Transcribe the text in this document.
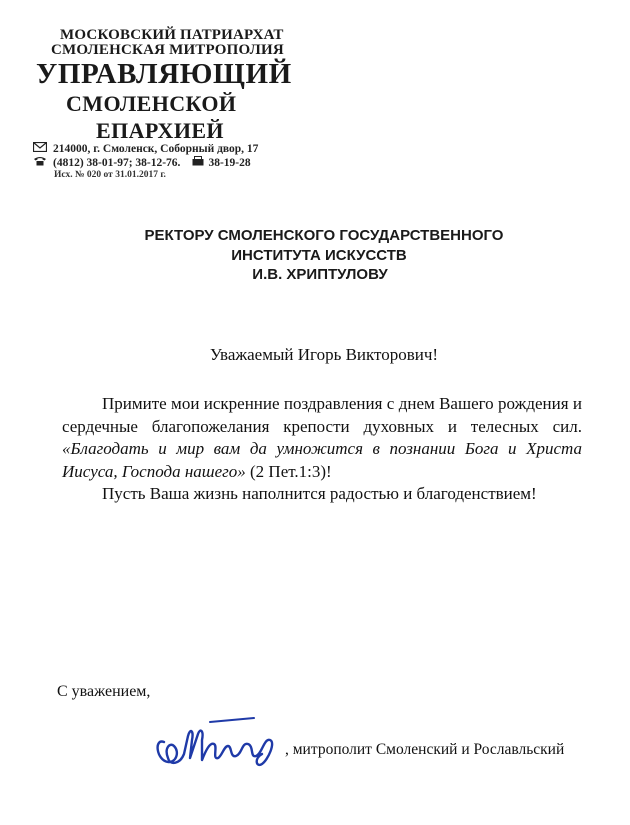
МОСКОВСКИЙ ПАТРИАРХАТ
СМОЛЕНСКАЯ МИТРОПОЛИЯ
УПРАВЛЯЮЩИЙ
СМОЛЕНСКОЙ
ЕПАРХИЕЙ
214000, г. Смоленск, Соборный двор, 17
(4812) 38-01-97; 38-12-76. 38-19-28
Исх. № 020 от 31.01.2017 г.
РЕКТОРУ СМОЛЕНСКОГО ГОСУДАРСТВЕННОГО
ИНСТИТУТА ИСКУССТВ
И.В. ХРИПТУЛОВУ
Уважаемый Игорь Викторович!

Примите мои искренние поздравления с днем Вашего рождения и сердечные благопожелания крепости духовных и телесных сил. «Благодать и мир вам да умножится в познании Бога и Христа Иисуса, Господа нашего» (2 Пет.1:3)!

Пусть Ваша жизнь наполнится радостью и благоденствием!

С уважением,
, митрополит Смоленский и Рославльский
